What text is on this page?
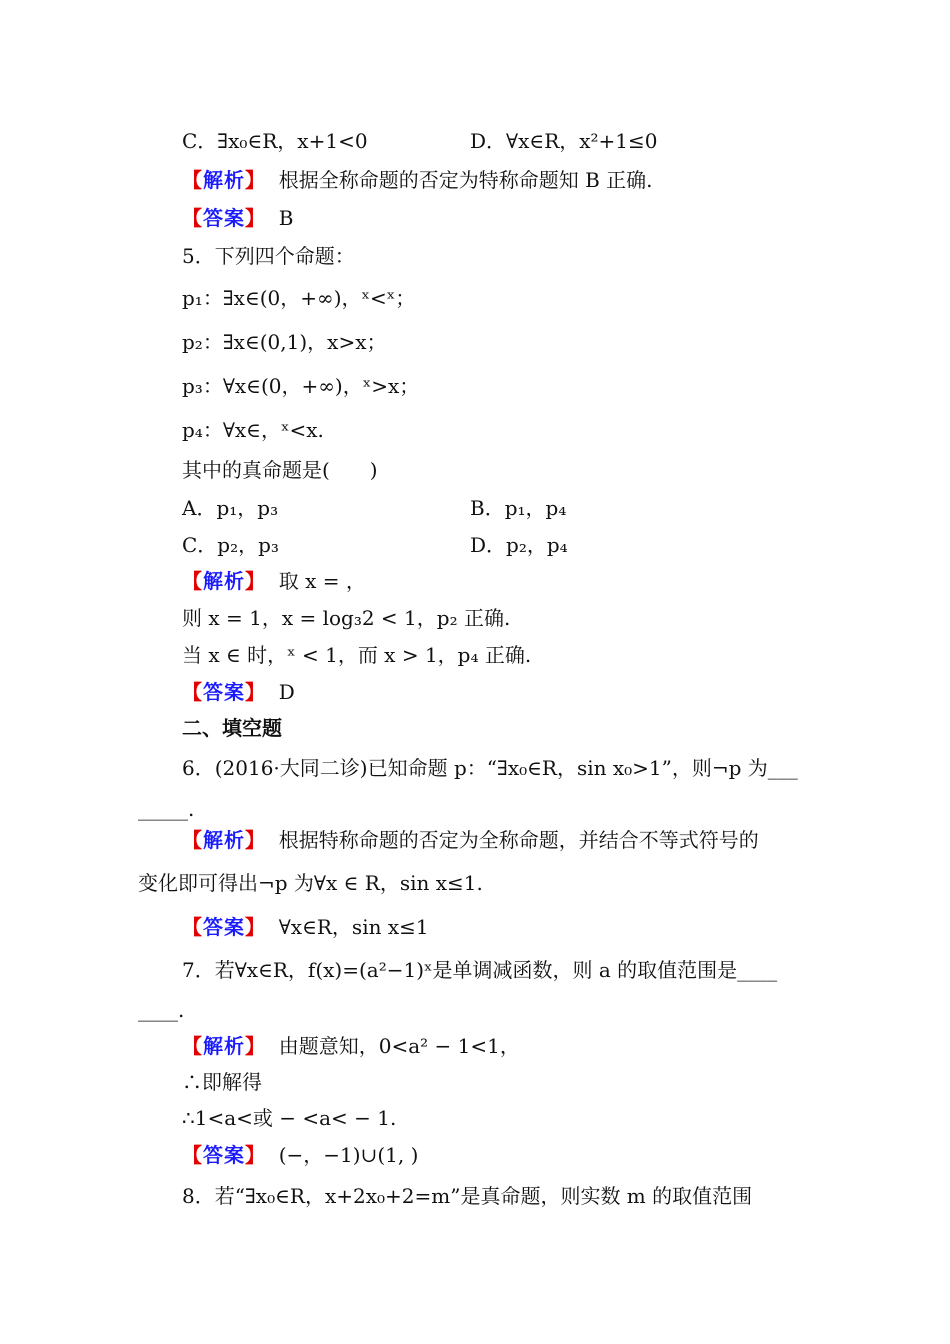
C．∃x₀∈R，x+1<0	D．∀x∈R，x²+1≤0
【解析】 根据全称命题的否定为特称命题知 B 正确.
【答案】 B
5．下列四个命题：
p₁：∃x∈(0，+∞)，ˣ<ˣ；
p₂：∃x∈(0,1)，x>x；
p₃：∀x∈(0，+∞)，ˣ>x；
p₄：∀x∈，ˣ<x.
其中的真命题是(　　)
A．p₁，p₃	B．p₁，p₄
C．p₂，p₃	D．p₂，p₄
【解析】 取 x = ，
则 x = 1，x = log₃2 < 1，p₂ 正确.
当 x ∈ 时，ˣ < 1，而 x > 1，p₄ 正确.
【答案】 D
二、填空题
6．(2016·大同二诊)已知命题 p：“∃x₀∈R，sin x₀>1”，则¬p 为___
_____.
【解析】 根据特称命题的否定为全称命题，并结合不等式符号的
变化即可得出¬p 为∀x ∈ R，sin x≤1.
【答案】 ∀x∈R，sin x≤1
7．若∀x∈R，f(x)=(a²−1)ˣ是单调减函数，则 a 的取值范围是____
____.
【解析】 由题意知，0<a² − 1<1，
∴即解得
∴1<a<或 − <a< − 1.
【答案】 (−，−1)∪(1, )
8．若“∃x₀∈R，x+2x₀+2=m”是真命题，则实数 m 的取值范围
